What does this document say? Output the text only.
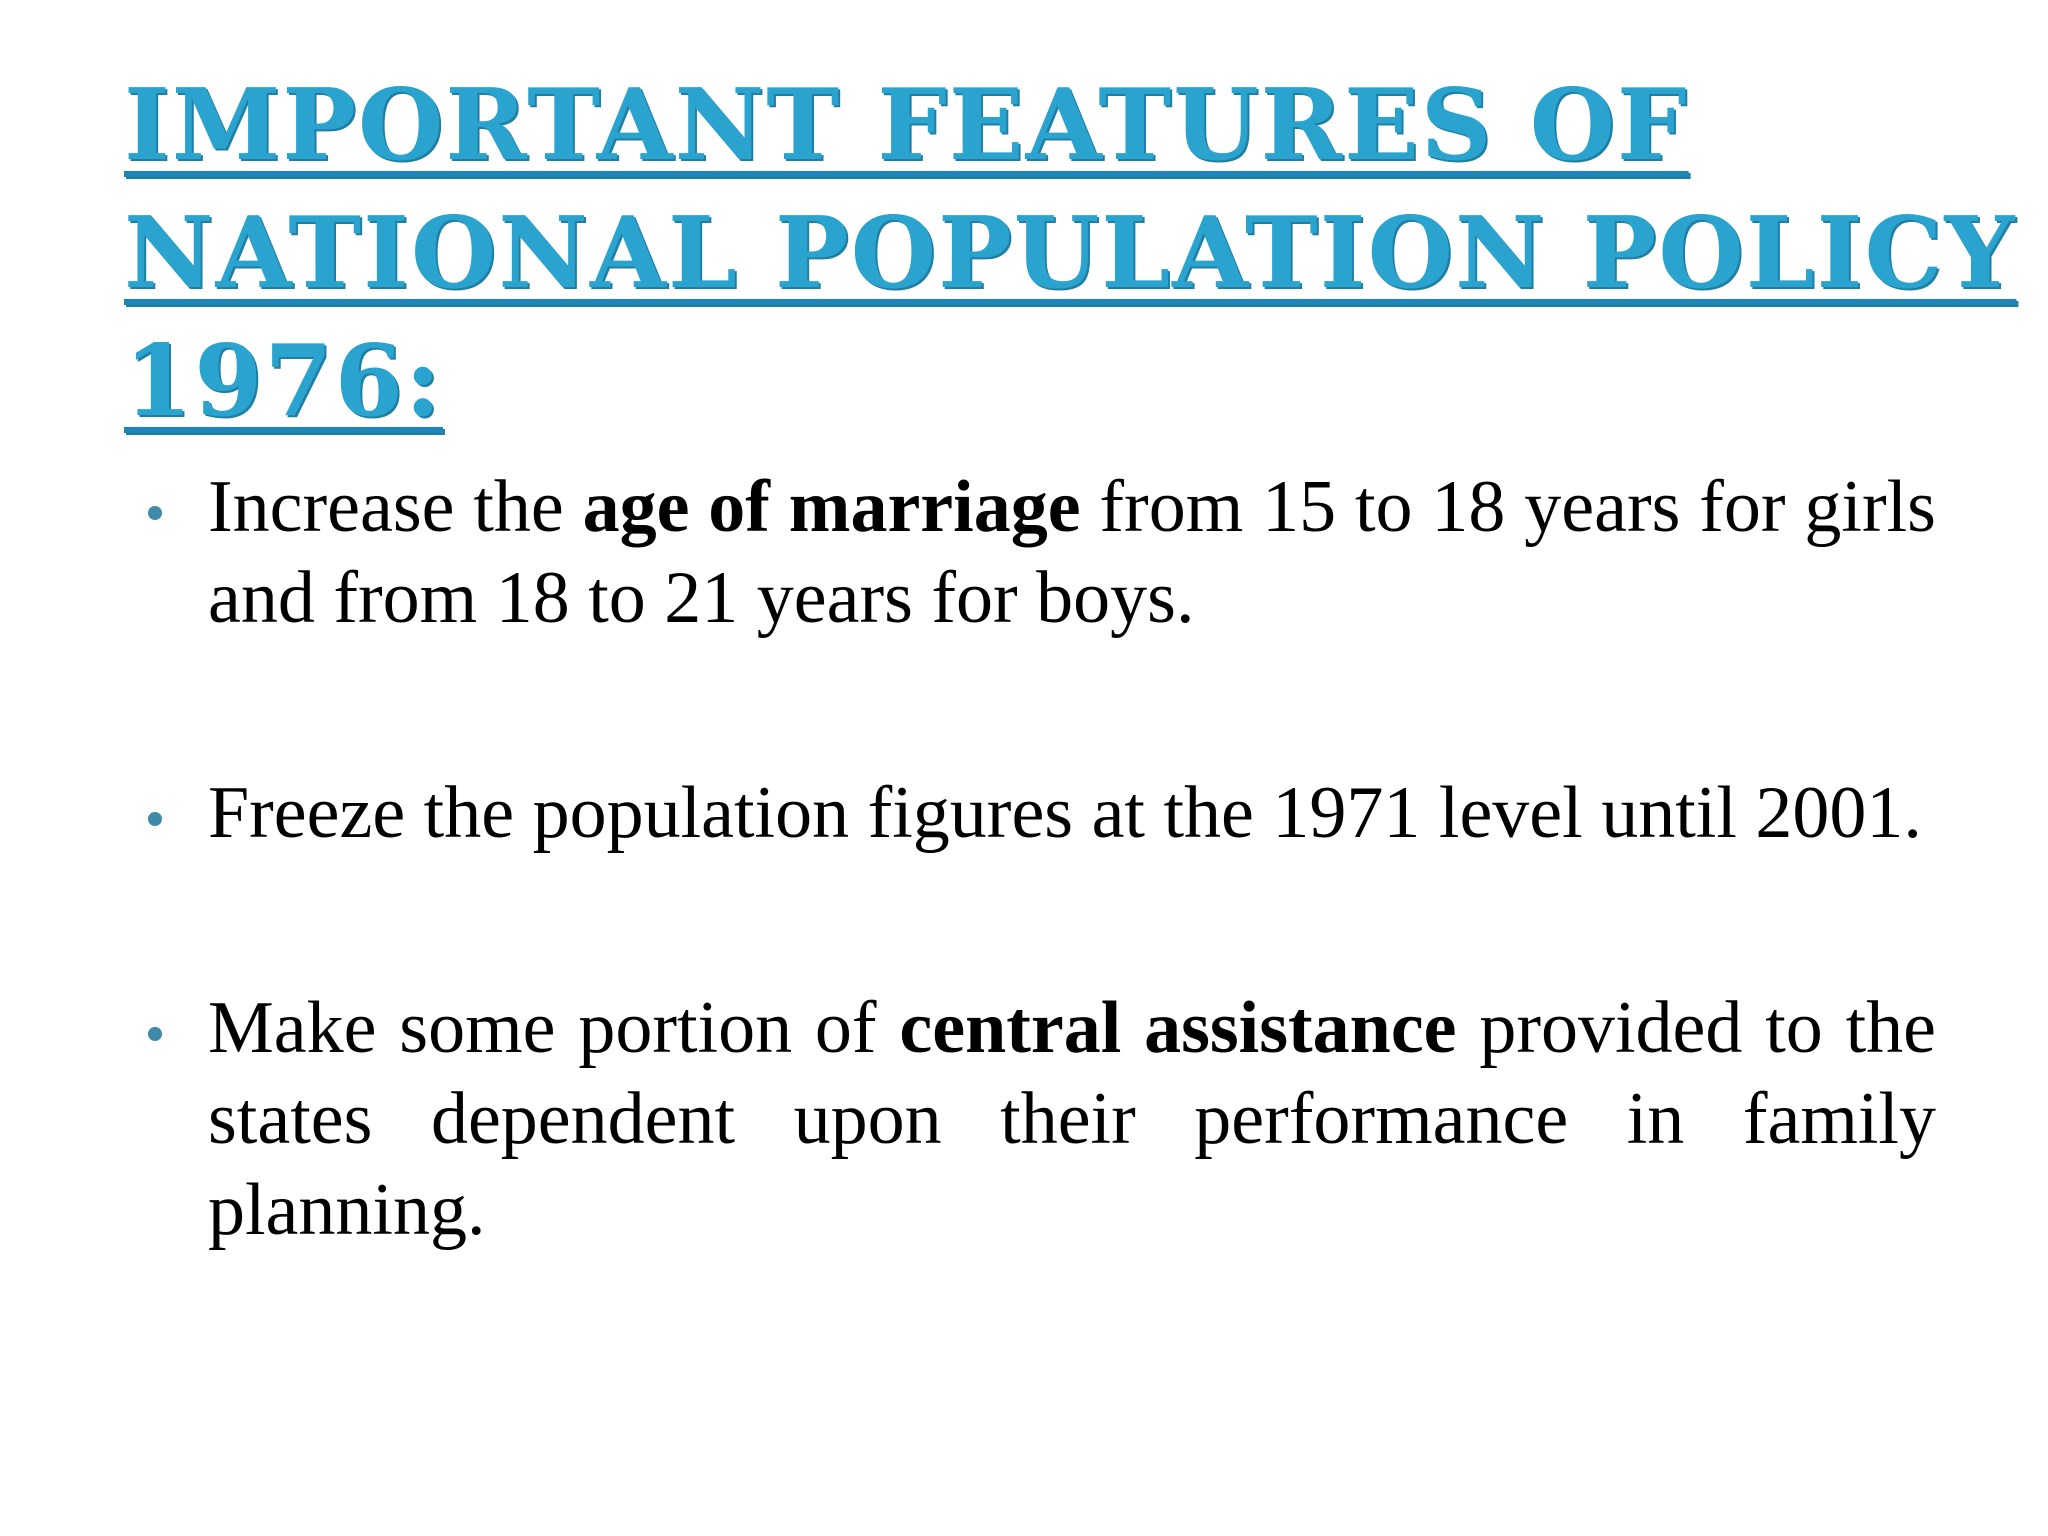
IMPORTANT FEATURES OF
NATIONAL POPULATION POLICY
1976:
Increase the age of marriage from 15 to 18 years for girls and from 18 to 21 years for boys.
Freeze the population figures at the 1971 level until 2001.
Make some portion of central assistance provided to the states dependent upon their performance in family planning.
